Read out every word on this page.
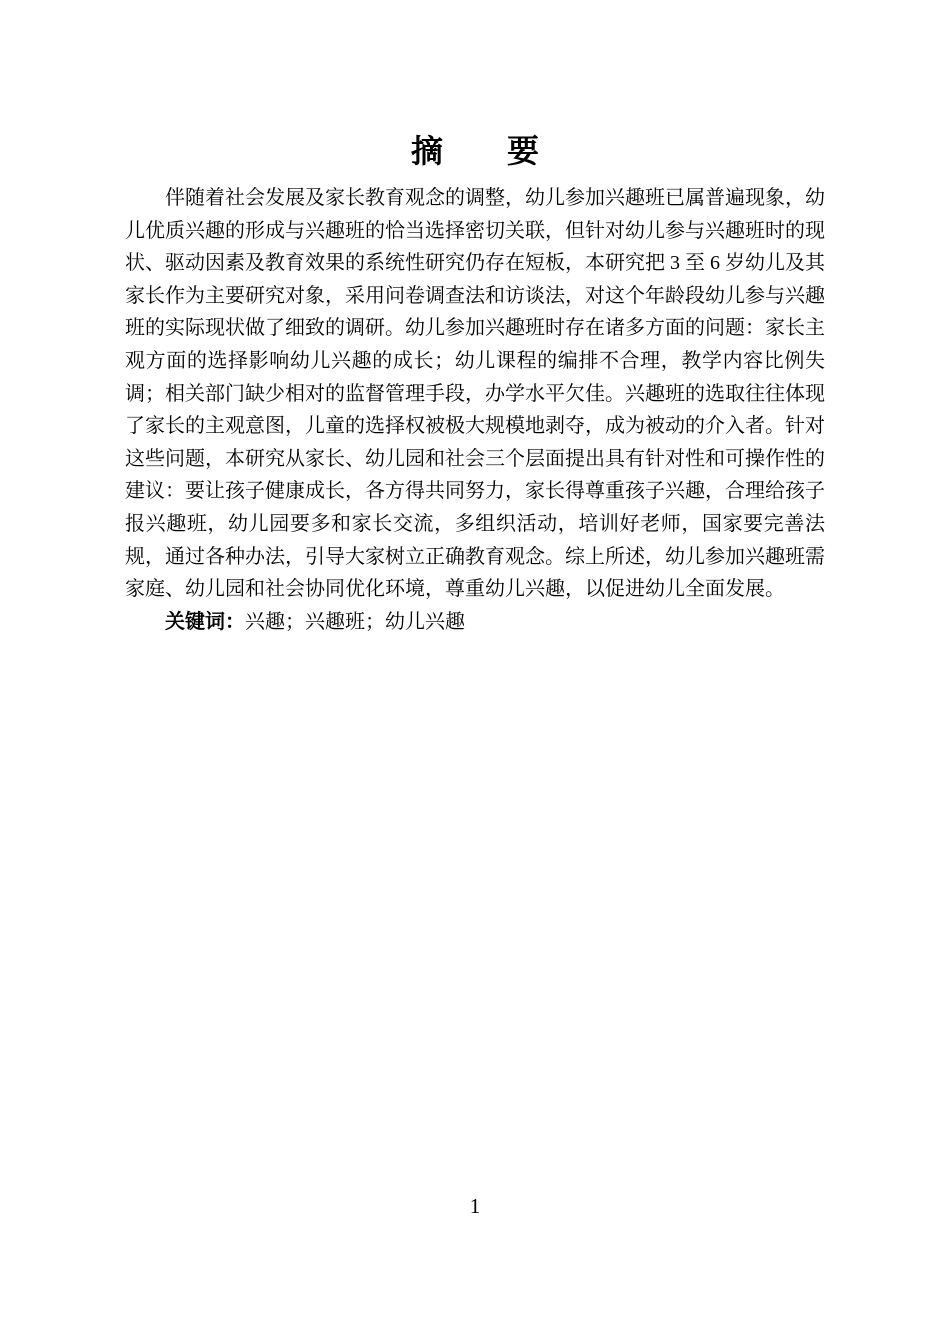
摘　　要

伴随着社会发展及家长教育观念的调整，幼儿参加兴趣班已属普遍现象，幼儿优质兴趣的形成与兴趣班的恰当选择密切关联，但针对幼儿参与兴趣班时的现状、驱动因素及教育效果的系统性研究仍存在短板，本研究把 3 至 6 岁幼儿及其家长作为主要研究对象，采用问卷调查法和访谈法，对这个年龄段幼儿参与兴趣班的实际现状做了细致的调研。幼儿参加兴趣班时存在诸多方面的问题：家长主观方面的选择影响幼儿兴趣的成长；幼儿课程的编排不合理，教学内容比例失调；相关部门缺少相对的监督管理手段，办学水平欠佳。兴趣班的选取往往体现了家长的主观意图，儿童的选择权被极大规模地剥夺，成为被动的介入者。针对这些问题，本研究从家长、幼儿园和社会三个层面提出具有针对性和可操作性的建议：要让孩子健康成长，各方得共同努力，家长得尊重孩子兴趣，合理给孩子报兴趣班，幼儿园要多和家长交流，多组织活动，培训好老师，国家要完善法规，通过各种办法，引导大家树立正确教育观念。综上所述，幼儿参加兴趣班需家庭、幼儿园和社会协同优化环境，尊重幼儿兴趣，以促进幼儿全面发展。

关键词：兴趣；兴趣班；幼儿兴趣

1
